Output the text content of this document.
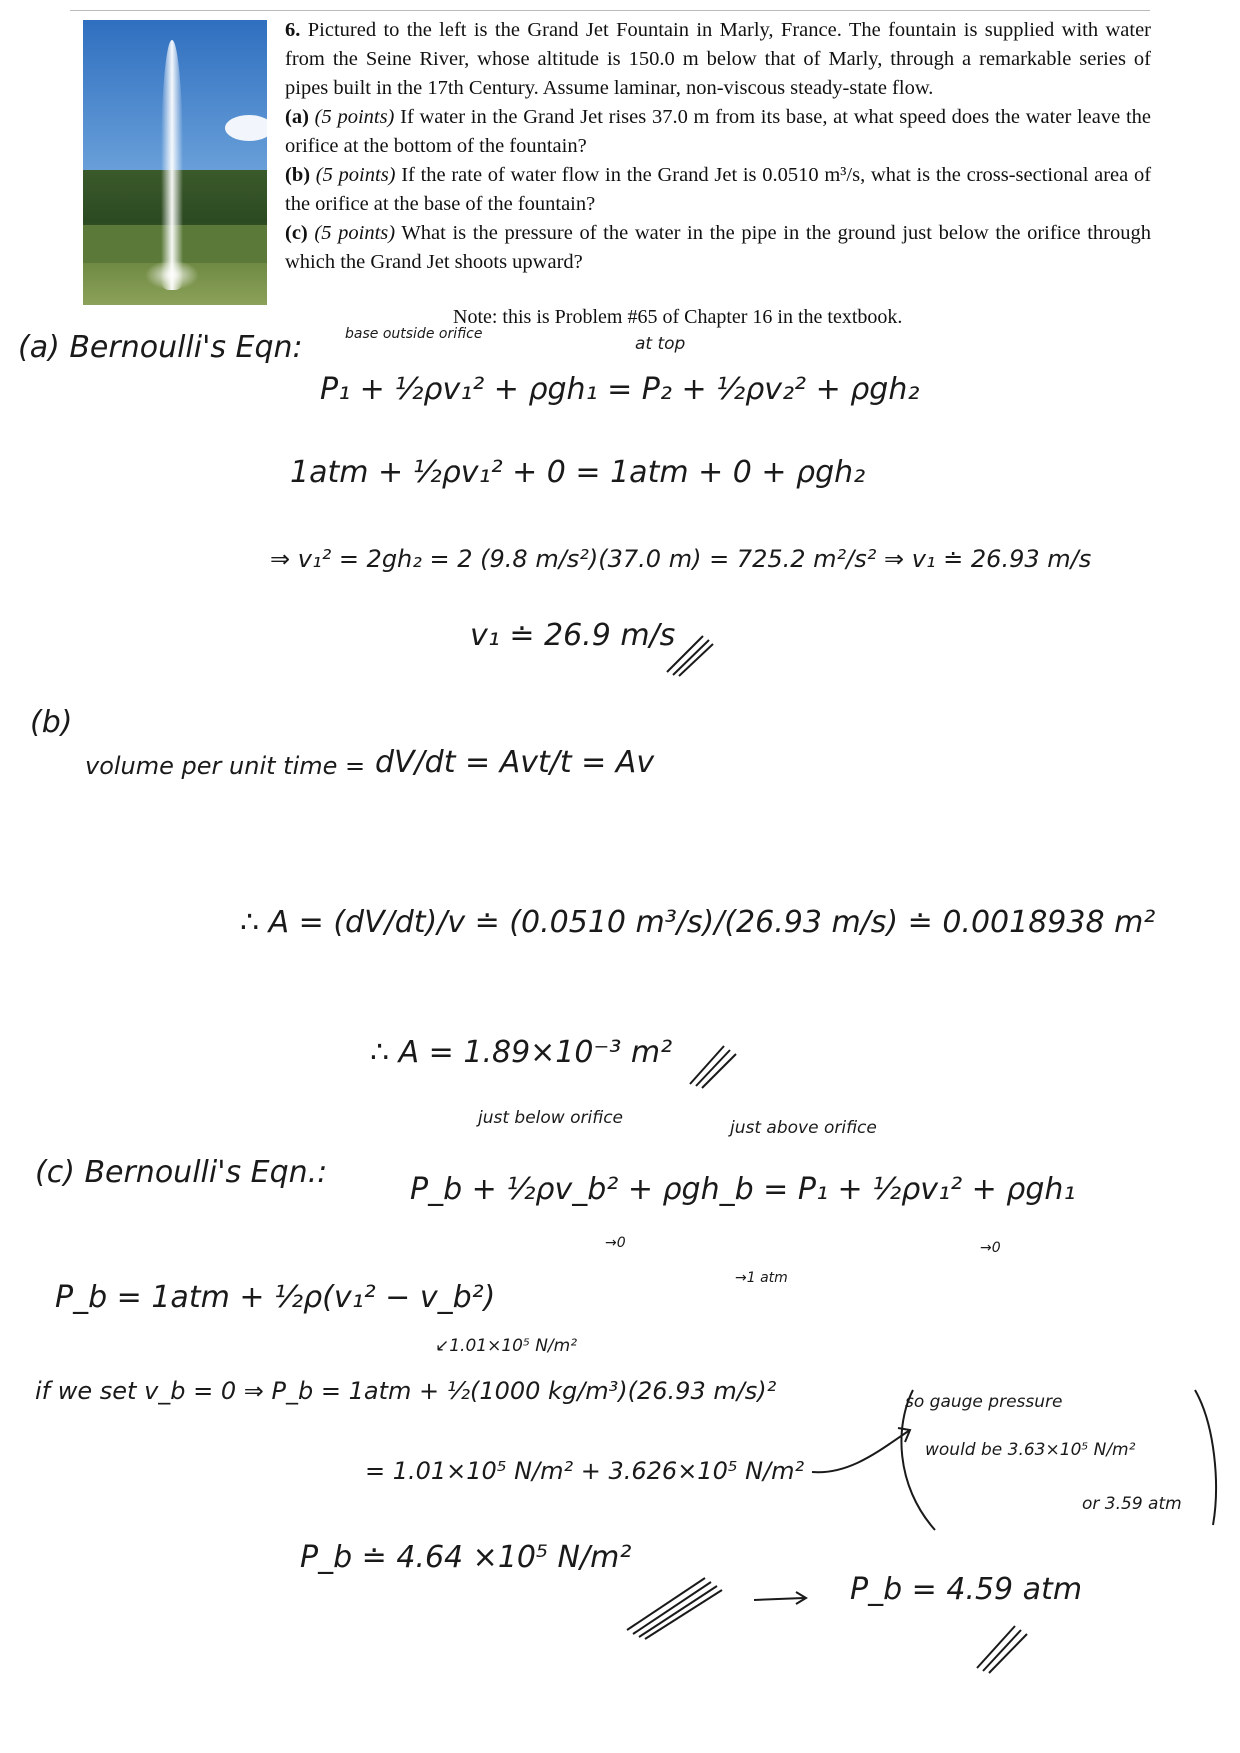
6. Pictured to the left is the Grand Jet Fountain in Marly, France. The fountain is supplied with water from the Seine River, whose altitude is 150.0 m below that of Marly, through a remarkable series of pipes built in the 17th Century. Assume laminar, non-viscous steady-state flow.

(a) (5 points) If water in the Grand Jet rises 37.0 m from its base, at what speed does the water leave the orifice at the bottom of the fountain?

(b) (5 points) If the rate of water flow in the Grand Jet is 0.0510 m³/s, what is the cross-sectional area of the orifice at the base of the fountain?

(c) (5 points) What is the pressure of the water in the pipe in the ground just below the orifice through which the Grand Jet shoots upward?

Note: this is Problem #65 of Chapter 16 in the textbook.
(a) Bernoulli's Eqn:	base outside orifice	at top
P₁ + ½ρv₁² + ρgh₁ = P₂ + ½ρv₂² + ρgh₂
1atm + ½ρv₁² + 0 = 1atm + 0 + ρgh₂
⇒ v₁² = 2gh₂ = 2 (9.8 m/s²)(37.0 m) = 725.2 m²/s² ⇒ v₁ ≐ 26.93 m/s
v₁ ≐ 26.9 m/s
(b)
volume per unit time = dV/dt = Avt/t = Av
∴ A = (dV/dt)/v ≐ (0.0510 m³/s)/(26.93 m/s) ≐ 0.0018938 m²
∴ A = 1.89×10⁻³ m²
just below orifice	just above orifice
(c) Bernoulli's Eqn.:	P_b + ½ρv_b² + ρgh_b = P₁ + ½ρv₁² + ρgh₁
→0
→1 atm
→0
P_b = 1atm + ½ρ(v₁² − v_b²)
↙1.01×10⁵ N/m²
if we set v_b = 0 ⇒ P_b = 1atm + ½(1000 kg/m³)(26.93 m/s)²
= 1.01×10⁵ N/m² + 3.626×10⁵ N/m²
so gauge pressure
would be 3.63×10⁵ N/m²
or 3.59 atm
P_b ≐ 4.64 ×10⁵ N/m²
P_b = 4.59 atm
